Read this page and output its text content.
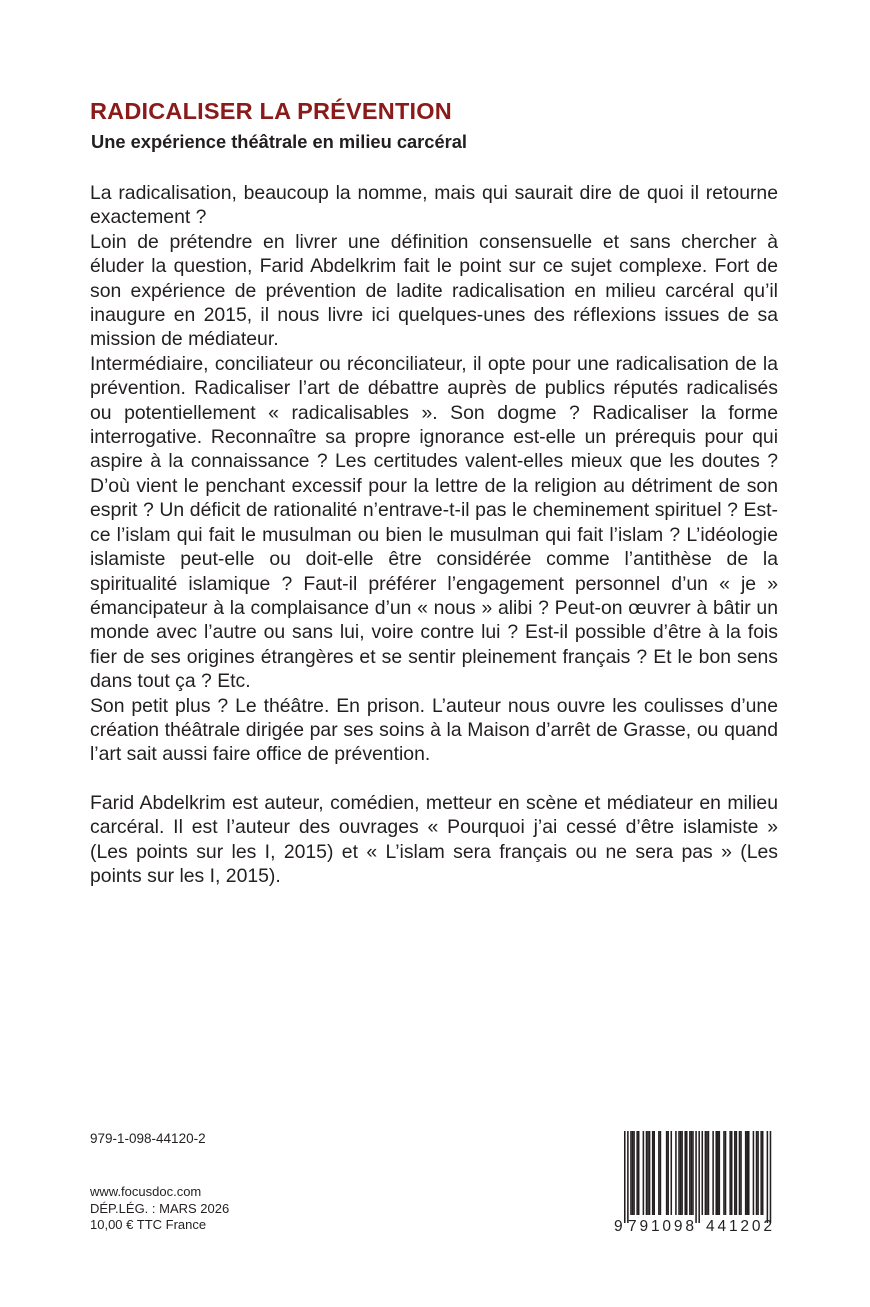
RADICALISER LA PRÉVENTION
Une expérience théâtrale en milieu carcéral

La radicalisation, beaucoup la nomme, mais qui saurait dire de quoi il retourne exactement ?

Loin de prétendre en livrer une définition consensuelle et sans chercher à éluder la question, Farid Abdelkrim fait le point sur ce sujet complexe. Fort de son expérience de prévention de ladite radicalisation en milieu carcéral qu’il inaugure en 2015, il nous livre ici quelques-unes des réflexions issues de sa mission de médiateur.

Intermédiaire, conciliateur ou réconciliateur, il opte pour une radicalisation de la prévention. Radicaliser l’art de débattre auprès de publics réputés radicalisés ou potentiellement « radicalisables ». Son dogme ? Radicaliser la forme interrogative. Reconnaître sa propre ignorance est-elle un prérequis pour qui aspire à la connaissance ? Les certitudes valent-elles mieux que les doutes ? D’où vient le penchant excessif pour la lettre de la religion au détriment de son esprit ? Un déficit de rationalité n’entrave-t-il pas le cheminement spirituel ? Est-ce l’islam qui fait le musulman ou bien le musulman qui fait l’islam ? L’idéologie islamiste peut-elle ou doit-elle être considérée comme l’antithèse de la spiritualité islamique ? Faut-il préférer l’engagement personnel d’un « je » émancipateur à la complaisance d’un « nous » alibi ? Peut-on œuvrer à bâtir un monde avec l’autre ou sans lui, voire contre lui ? Est-il possible d’être à la fois fier de ses origines étrangères et se sentir pleinement français ? Et le bon sens dans tout ça ? Etc.

Son petit plus ? Le théâtre. En prison. L’auteur nous ouvre les coulisses d’une création théâtrale dirigée par ses soins à la Maison d’arrêt de Grasse, ou quand l’art sait aussi faire office de prévention.

Farid Abdelkrim est auteur, comédien, metteur en scène et médiateur en milieu carcéral. Il est l’auteur des ouvrages « Pourquoi j’ai cessé d’être islamiste » (Les points sur les I, 2015) et « L’islam sera français ou ne sera pas » (Les points sur les I, 2015).

979-1-098-44120-2
www.focusdoc.com
DÉP.LÉG. : MARS 2026
10,00 € TTC France	9 791098 441202
